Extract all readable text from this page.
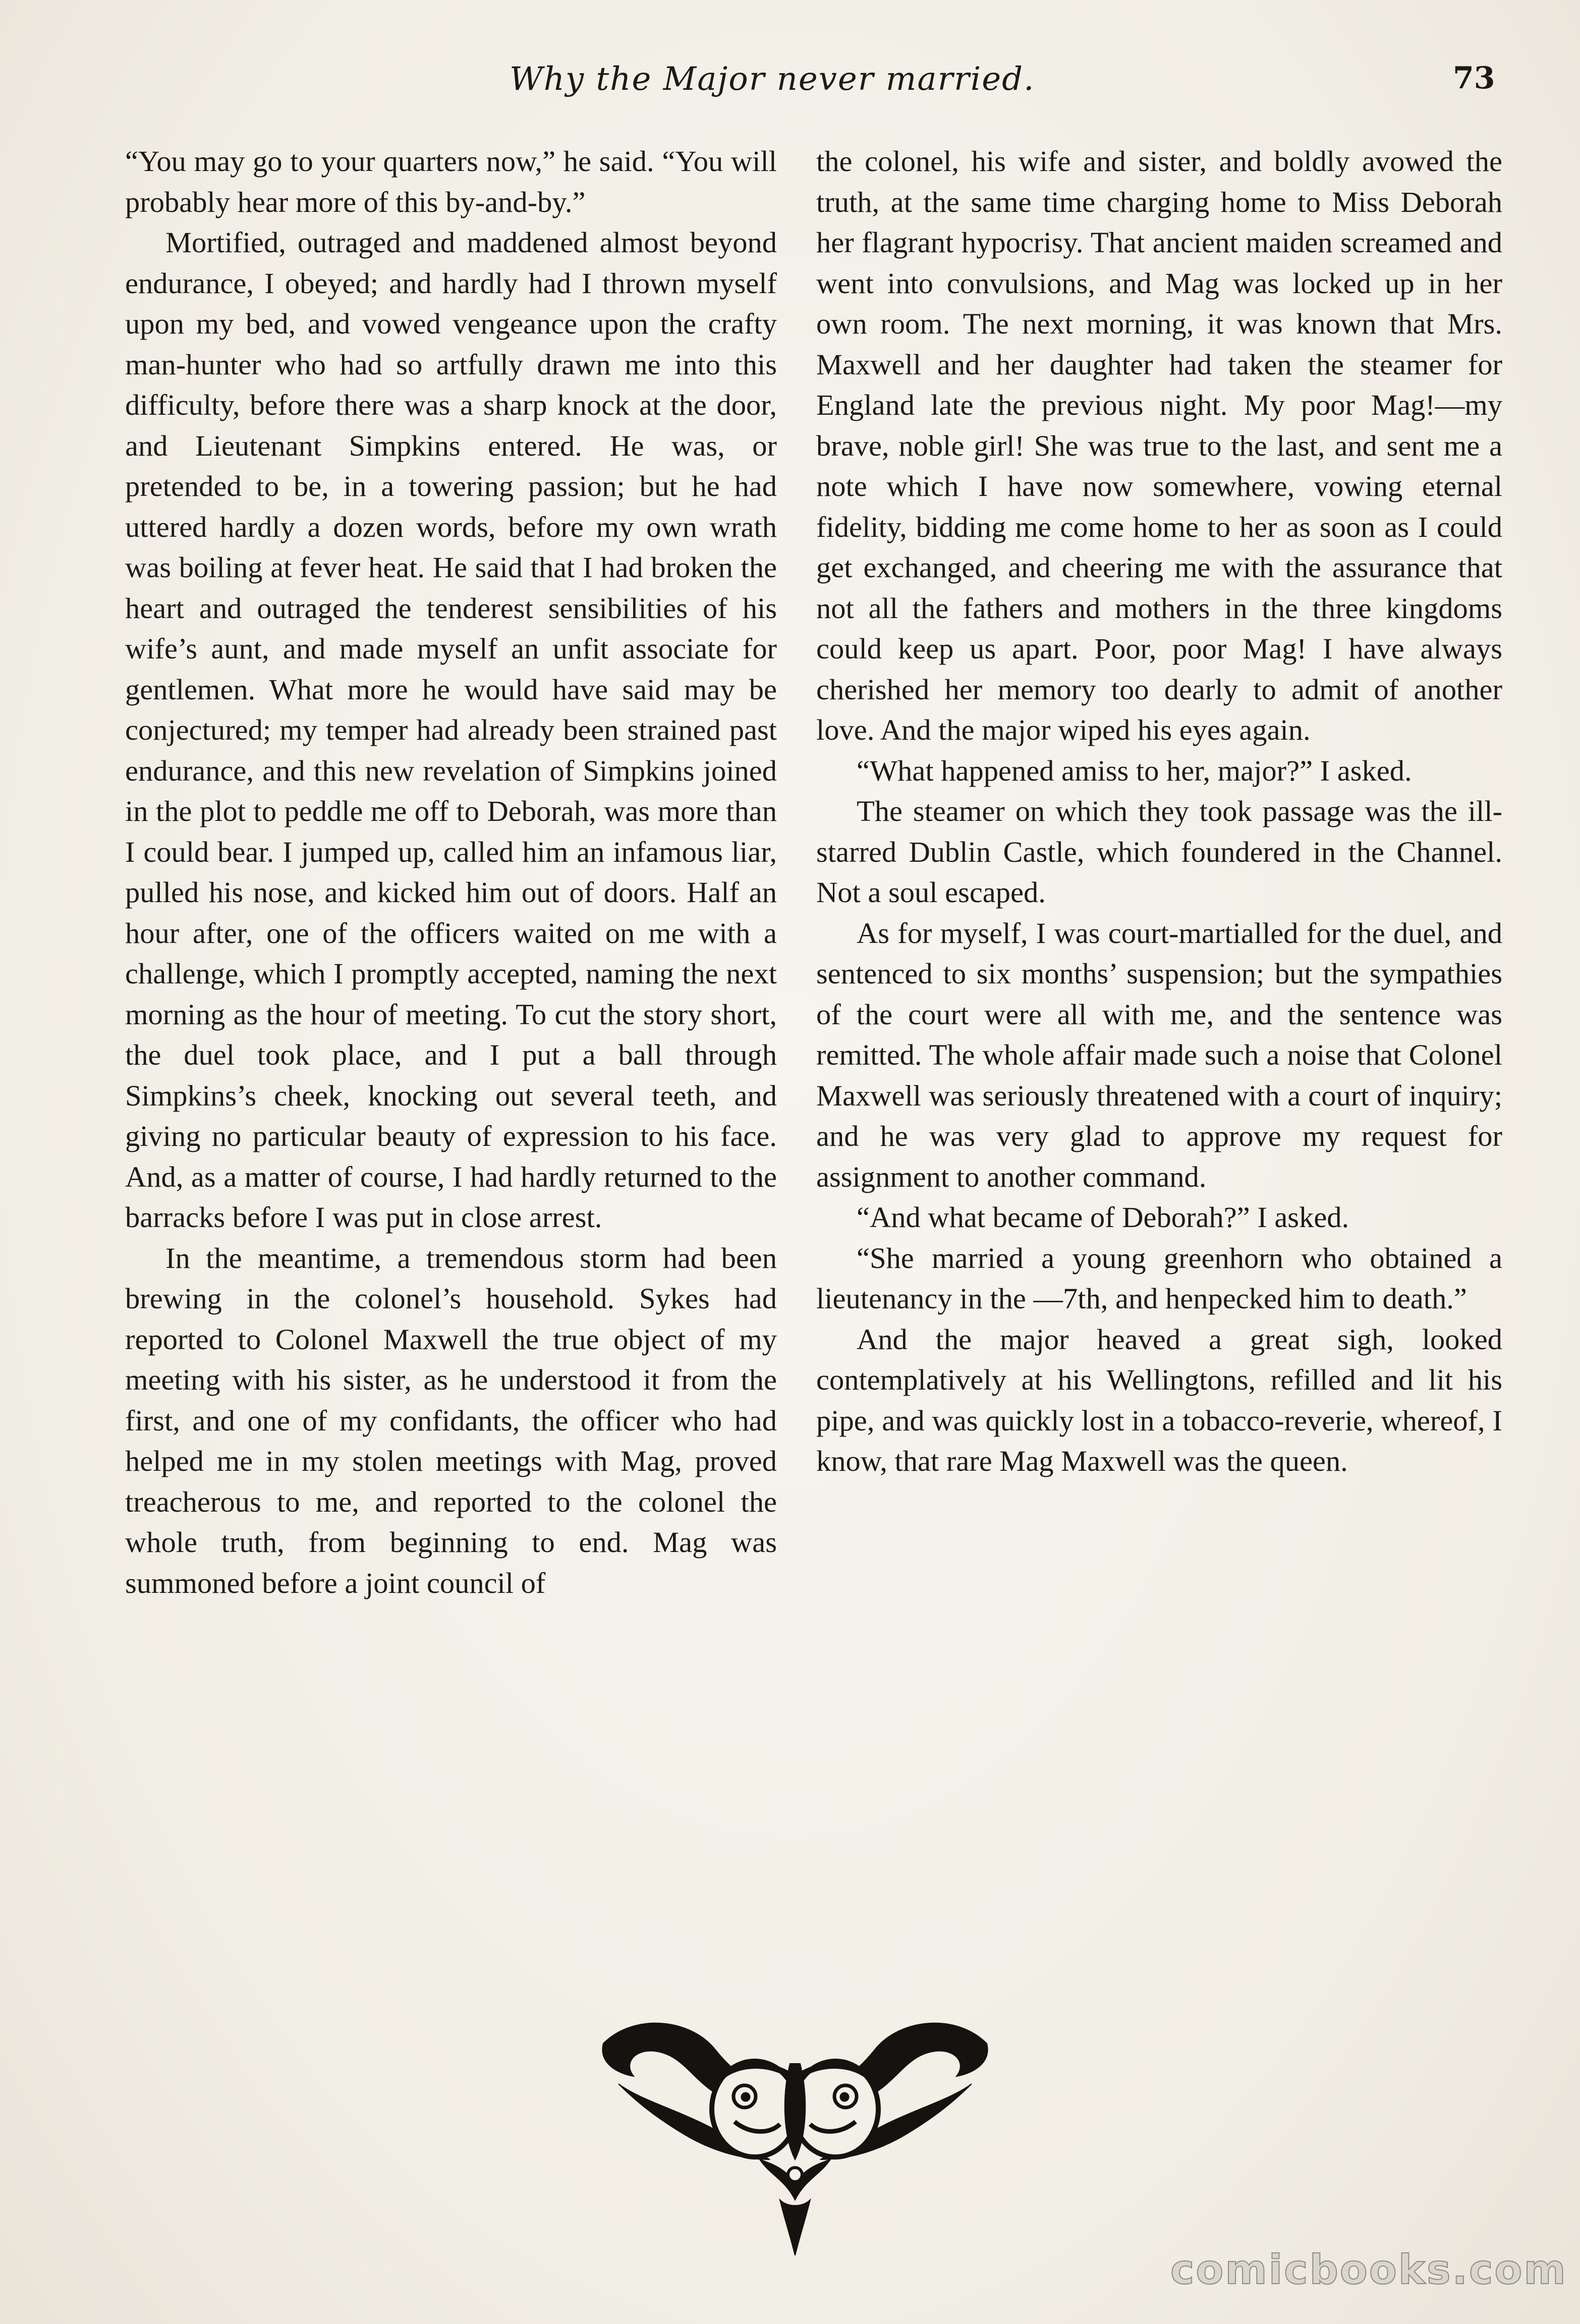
Why the Major never married.	73

“You may go to your quarters now,” he said. “You will probably hear more of this by-and-by.”

Mortified, outraged and maddened almost beyond endurance, I obeyed; and hardly had I thrown myself upon my bed, and vowed vengeance upon the crafty man-hunter who had so artfully drawn me into this difficulty, before there was a sharp knock at the door, and Lieutenant Simpkins entered. He was, or pretended to be, in a towering passion; but he had uttered hardly a dozen words, before my own wrath was boiling at fever heat. He said that I had broken the heart and outraged the tenderest sensibilities of his wife’s aunt, and made myself an unfit associate for gentlemen. What more he would have said may be conjectured; my temper had already been strained past endurance, and this new revelation of Simpkins joined in the plot to peddle me off to Deborah, was more than I could bear. I jumped up, called him an infamous liar, pulled his nose, and kicked him out of doors. Half an hour after, one of the officers waited on me with a challenge, which I promptly accepted, naming the next morning as the hour of meeting. To cut the story short, the duel took place, and I put a ball through Simpkins’s cheek, knocking out several teeth, and giving no particular beauty of expression to his face. And, as a matter of course, I had hardly returned to the barracks before I was put in close arrest.

In the meantime, a tremendous storm had been brewing in the colonel’s household. Sykes had reported to Colonel Maxwell the true object of my meeting with his sister, as he understood it from the first, and one of my confidants, the officer who had helped me in my stolen meetings with Mag, proved treacherous to me, and reported to the colonel the whole truth, from beginning to end. Mag was summoned before a joint council of

the colonel, his wife and sister, and boldly avowed the truth, at the same time charging home to Miss Deborah her flagrant hypocrisy. That ancient maiden screamed and went into convulsions, and Mag was locked up in her own room. The next morning, it was known that Mrs. Maxwell and her daughter had taken the steamer for England late the previous night. My poor Mag!—my brave, noble girl! She was true to the last, and sent me a note which I have now somewhere, vowing eternal fidelity, bidding me come home to her as soon as I could get exchanged, and cheering me with the assurance that not all the fathers and mothers in the three kingdoms could keep us apart. Poor, poor Mag! I have always cherished her memory too dearly to admit of another love. And the major wiped his eyes again.

“What happened amiss to her, major?” I asked.

The steamer on which they took passage was the ill-starred Dublin Castle, which foundered in the Channel. Not a soul escaped.

As for myself, I was court-martialled for the duel, and sentenced to six months’ suspension; but the sympathies of the court were all with me, and the sentence was remitted. The whole affair made such a noise that Colonel Maxwell was seriously threatened with a court of inquiry; and he was very glad to approve my request for assignment to another command.

“And what became of Deborah?” I asked.

“She married a young greenhorn who obtained a lieutenancy in the —7th, and henpecked him to death.”

And the major heaved a great sigh, looked contemplatively at his Wellingtons, refilled and lit his pipe, and was quickly lost in a tobacco-reverie, whereof, I know, that rare Mag Maxwell was the queen.

comicbooks.com
